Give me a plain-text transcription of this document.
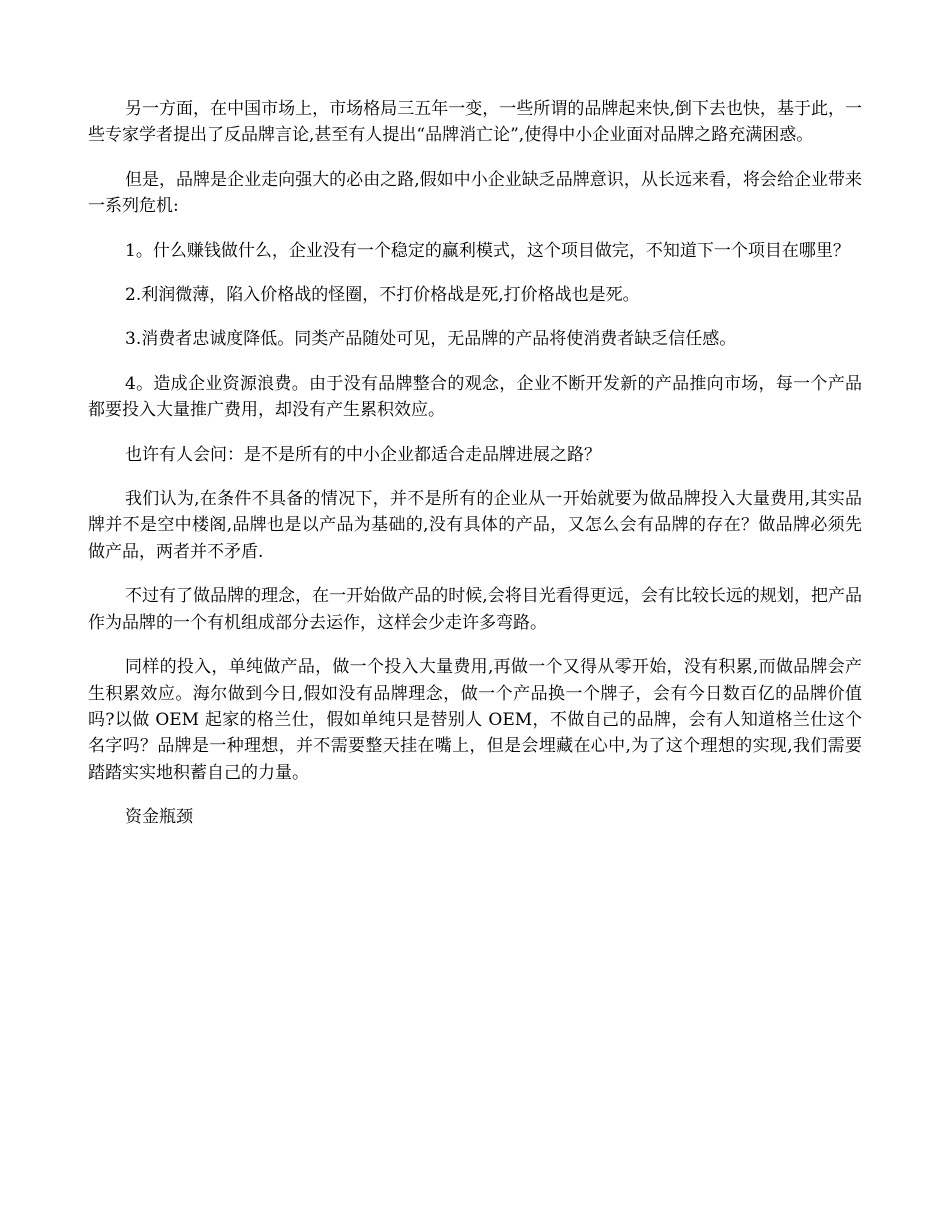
另一方面，在中国市场上，市场格局三五年一变，一些所谓的品牌起来快,倒下去也快，基于此，一些专家学者提出了反品牌言论,甚至有人提出“品牌消亡论”,使得中小企业面对品牌之路充满困惑。

但是，品牌是企业走向强大的必由之路,假如中小企业缺乏品牌意识，从长远来看，将会给企业带来一系列危机:

1。什么赚钱做什么，企业没有一个稳定的赢利模式，这个项目做完，不知道下一个项目在哪里？

2.利润微薄，陷入价格战的怪圈，不打价格战是死,打价格战也是死。

3.消费者忠诚度降低。同类产品随处可见，无品牌的产品将使消费者缺乏信任感。

4。造成企业资源浪费。由于没有品牌整合的观念，企业不断开发新的产品推向市场，每一个产品都要投入大量推广费用，却没有产生累积效应。

也许有人会问：是不是所有的中小企业都适合走品牌进展之路？

我们认为,在条件不具备的情况下，并不是所有的企业从一开始就要为做品牌投入大量费用,其实品牌并不是空中楼阁,品牌也是以产品为基础的,没有具体的产品，又怎么会有品牌的存在？做品牌必须先做产品，两者并不矛盾.

不过有了做品牌的理念，在一开始做产品的时候,会将目光看得更远，会有比较长远的规划，把产品作为品牌的一个有机组成部分去运作，这样会少走许多弯路。

同样的投入，单纯做产品，做一个投入大量费用,再做一个又得从零开始，没有积累,而做品牌会产生积累效应。海尔做到今日,假如没有品牌理念，做一个产品换一个牌子，会有今日数百亿的品牌价值吗?以做 OEM 起家的格兰仕，假如单纯只是替别人 OEM，不做自己的品牌，会有人知道格兰仕这个名字吗？品牌是一种理想，并不需要整天挂在嘴上，但是会埋藏在心中,为了这个理想的实现,我们需要踏踏实实地积蓄自己的力量。

资金瓶颈
